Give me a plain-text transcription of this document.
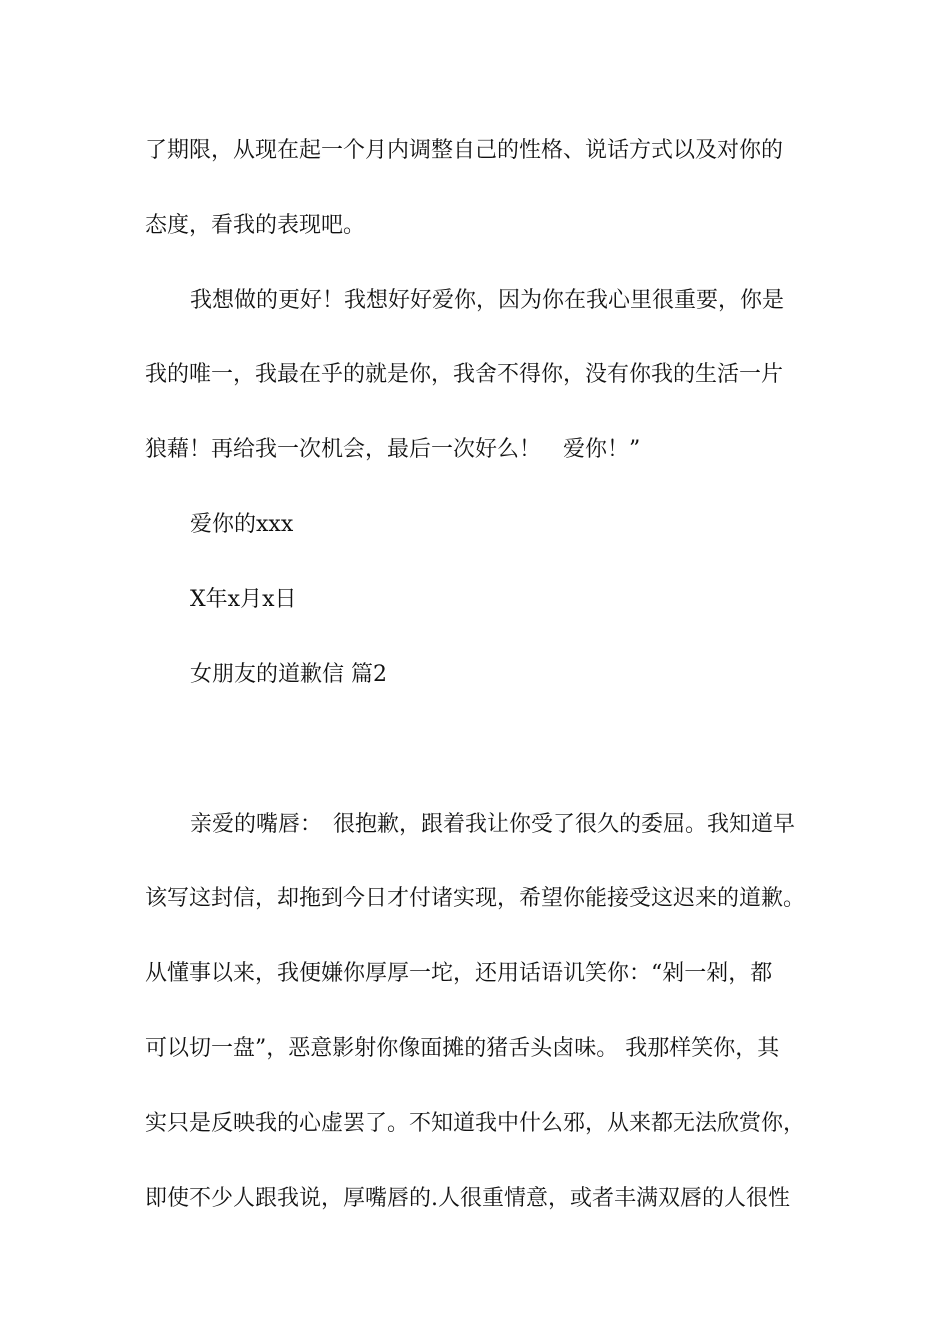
了期限，从现在起一个月内调整自己的性格、说话方式以及对你的
态度，看我的表现吧。
我想做的更好！我想好好爱你，因为你在我心里很重要，你是
我的唯一，我最在乎的就是你，我舍不得你，没有你我的生活一片
狼藉！再给我一次机会，最后一次好么！　爱你！”
爱你的xxx
X年x月x日
女朋友的道歉信 篇2
亲爱的嘴唇：　很抱歉，跟着我让你受了很久的委屈。我知道早
该写这封信，却拖到今日才付诸实现，希望你能接受这迟来的道歉。
从懂事以来，我便嫌你厚厚一坨，还用话语讥笑你：“剁一剁，都
可以切一盘”，恶意影射你像面摊的猪舌头卤味。 我那样笑你，其
实只是反映我的心虚罢了。不知道我中什么邪，从来都无法欣赏你，
即使不少人跟我说，厚嘴唇的.人很重情意，或者丰满双唇的人很性
